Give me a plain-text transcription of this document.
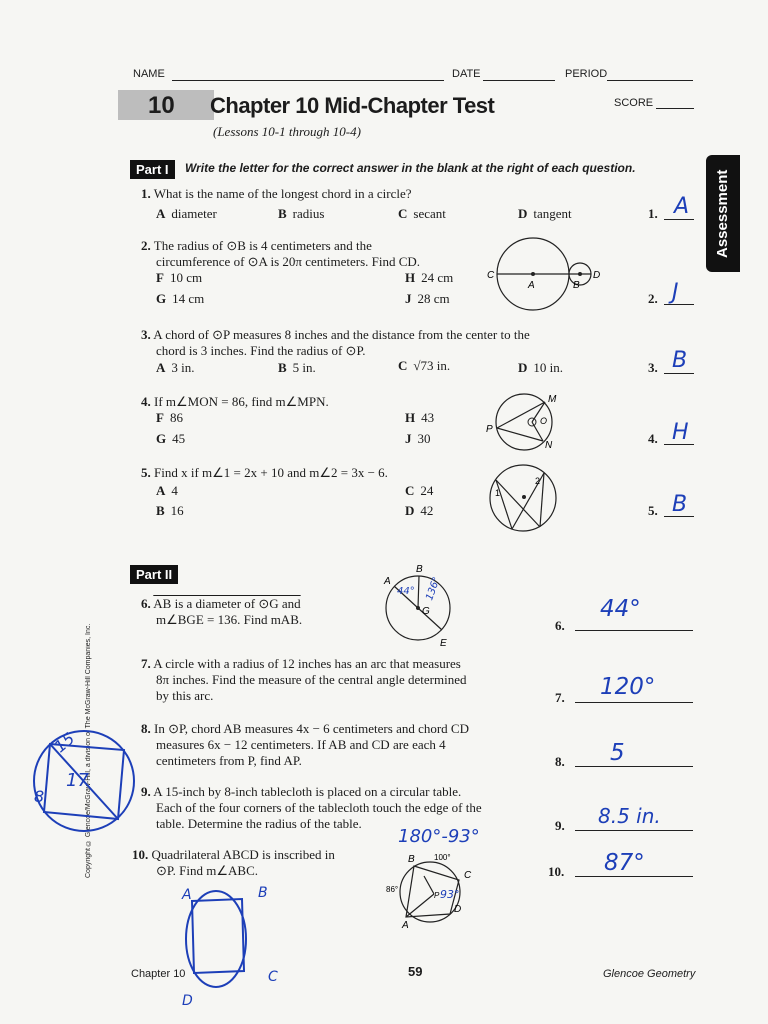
NAME	DATE	PERIOD
10 Chapter 10 Mid-Chapter Test
(Lessons 10-1 through 10-4)
SCORE
Assessment
Part I	Write the letter for the correct answer in the blank at the right of each question.
1. What is the name of the longest chord in a circle?
A diameter	B radius	C secant	D tangent	1. A
2. The radius of ⊙B is 4 centimeters and the
circumference of ⊙A is 20π centimeters. Find CD.
F 10 cm
G 14 cm
H 24 cm
J 28 cm
C
A	B
D
2. J
3. A chord of ⊙P measures 8 inches and the distance from the center to the
chord is 3 inches. Find the radius of ⊙P.
A 3 in.	B 5 in.	C √73 in.	D 10 in.	3. B
4. If m∠MON = 86, find m∠MPN.
F 86
G 45
H 43
J 30
M
O
P
N	4. H
5. Find x if m∠1 = 2x + 10 and m∠2 = 3x − 6.
A 4
B 16
C 24
D 42
1
2
5. B
Copyright © Glencoe/McGraw-Hill, a division of The McGraw-Hill Companies, Inc.
Part II
6. AB is a diameter of ⊙G and
m∠BGE = 136. Find mAB.
A
B
G
E
44° 136°
6.
44°
7. A circle with a radius of 12 inches has an arc that measures
8π inches. Find the measure of the central angle determined
by this arc.	7. 120°
8. In ⊙P, chord AB measures 4x − 6 centimeters and chord CD
measures 6x − 12 centimeters. If AB and CD are each 4
centimeters from P, find AP.	8. 5
9. A 15-inch by 8-inch tablecloth is placed on a circular table.
Each of the four corners of the tablecloth touch the edge of the
table. Determine the radius of the table.	9. 8.5 in.
15
17
8
10. Quadrilateral ABCD is inscribed in
⊙P. Find m∠ABC.
180°-93°
B
C
A
D
P
100°
86°	93°
10. 87°
A	B
C
D
Chapter 10	59	Glencoe Geometry
